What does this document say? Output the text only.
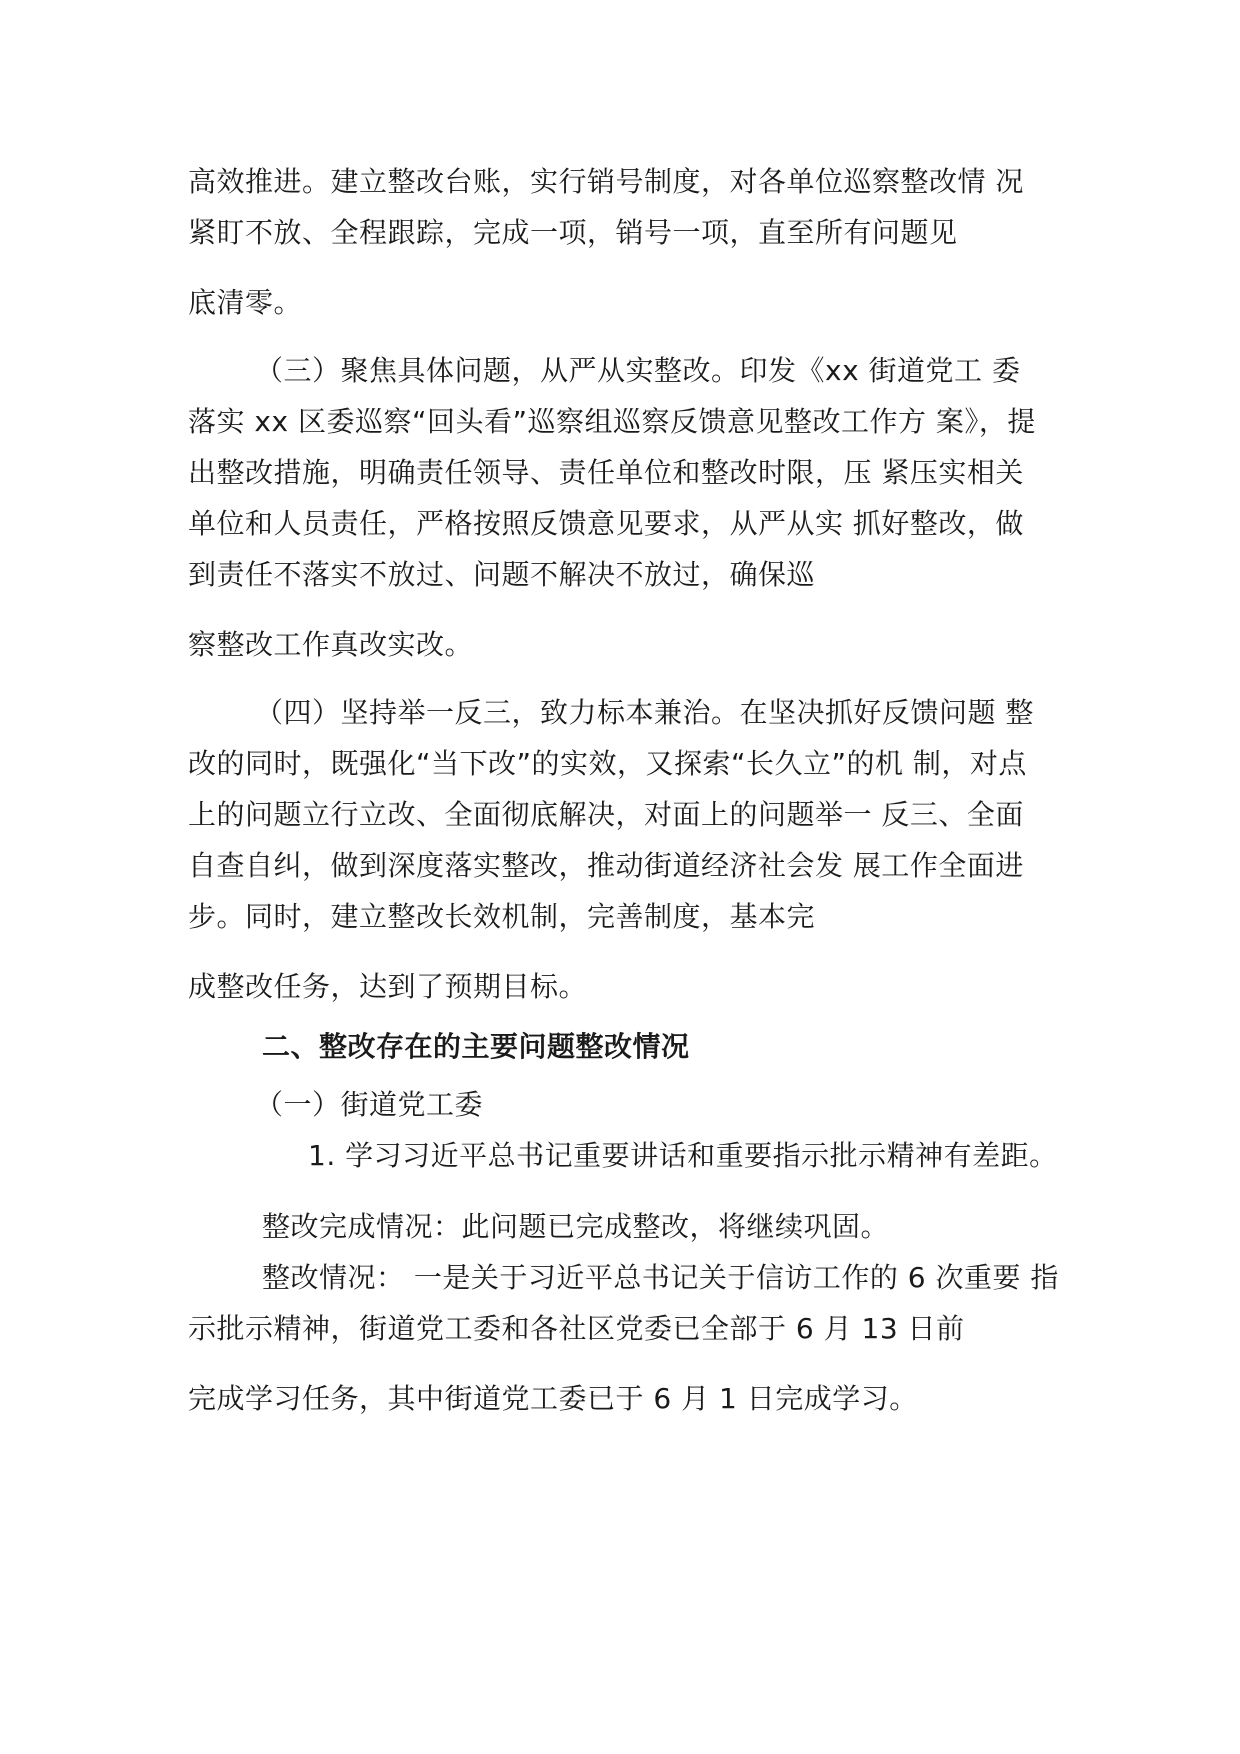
高效推进。建立整改台账，实行销号制度，对各单位巡察整改情 况
紧盯不放、全程跟踪，完成一项，销号一项，直至所有问题见
底清零。
（三）聚焦具体问题，从严从实整改。印发《xx 街道党工 委
落实 xx 区委巡察“回头看”巡察组巡察反馈意见整改工作方 案》，提
出整改措施，明确责任领导、责任单位和整改时限，压 紧压实相关
单位和人员责任，严格按照反馈意见要求，从严从实 抓好整改，做
到责任不落实不放过、问题不解决不放过，确保巡
察整改工作真改实改。
（四）坚持举一反三，致力标本兼治。在坚决抓好反馈问题 整
改的同时，既强化“当下改”的实效，又探索“长久立”的机 制，对点
上的问题立行立改、全面彻底解决，对面上的问题举一 反三、全面
自查自纠，做到深度落实整改，推动街道经济社会发 展工作全面进
步。同时，建立整改长效机制，完善制度，基本完
成整改任务，达到了预期目标。
二、整改存在的主要问题整改情况
（一）街道党工委
1. 学习习近平总书记重要讲话和重要指示批示精神有差距。
整改完成情况：此问题已完成整改，将继续巩固。
整改情况： 一是关于习近平总书记关于信访工作的 6 次重要 指
示批示精神，街道党工委和各社区党委已全部于 6 月 13 日前
完成学习任务，其中街道党工委已于 6 月 1 日完成学习。
